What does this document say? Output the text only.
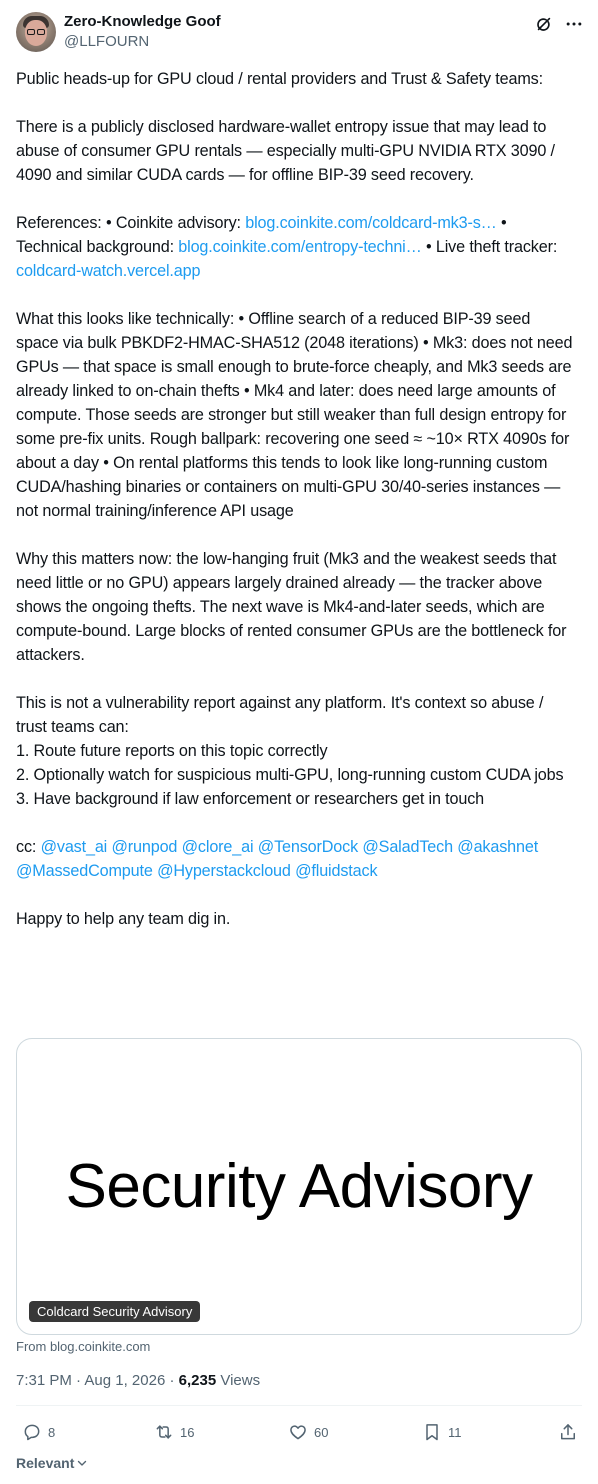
Zero-Knowledge Goof
@LLFOURN
Public heads-up for GPU cloud / rental providers and Trust & Safety teams:

There is a publicly disclosed hardware-wallet entropy issue that may lead to abuse of consumer GPU rentals — especially multi-GPU NVIDIA RTX 3090 / 4090 and similar CUDA cards — for offline BIP-39 seed recovery.

References: • Coinkite advisory: blog.coinkite.com/coldcard-mk3-s… • Technical background: blog.coinkite.com/entropy-techni… • Live theft tracker: coldcard-watch.vercel.app

What this looks like technically: • Offline search of a reduced BIP-39 seed space via bulk PBKDF2-HMAC-SHA512 (2048 iterations) • Mk3: does not need GPUs — that space is small enough to brute-force cheaply, and Mk3 seeds are already linked to on-chain thefts • Mk4 and later: does need large amounts of compute. Those seeds are stronger but still weaker than full design entropy for some pre-fix units. Rough ballpark: recovering one seed ≈ ~10× RTX 4090s for about a day • On rental platforms this tends to look like long-running custom CUDA/hashing binaries or containers on multi-GPU 30/40-series instances — not normal training/inference API usage

Why this matters now: the low-hanging fruit (Mk3 and the weakest seeds that need little or no GPU) appears largely drained already — the tracker above shows the ongoing thefts. The next wave is Mk4-and-later seeds, which are compute-bound. Large blocks of rented consumer GPUs are the bottleneck for attackers.

This is not a vulnerability report against any platform. It's context so abuse / trust teams can:
1. Route future reports on this topic correctly
2. Optionally watch for suspicious multi-GPU, long-running custom CUDA jobs
3. Have background if law enforcement or researchers get in touch

cc: @vast_ai @runpod @clore_ai @TensorDock @SaladTech @akashnet
@MassedCompute @Hyperstackcloud @fluidstack

Happy to help any team dig in.
Security Advisory
Coldcard Security Advisory
From blog.coinkite.com
7:31 PM · Aug 1, 2026 · 6,235 Views
8	16	60	11
Relevant
